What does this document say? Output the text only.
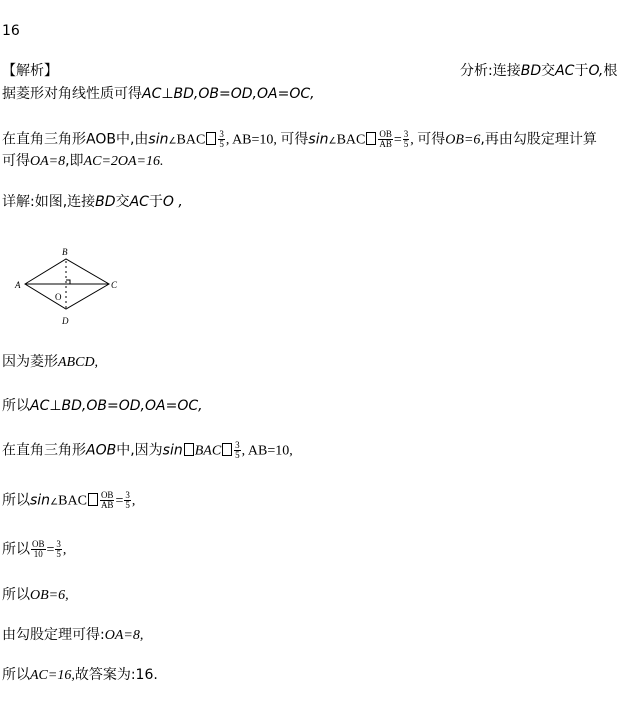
16
【解析】	分析:连接BD交AC于O,根
据菱形对角线性质可得AC⊥BD,OB=OD,OA=OC,
在直角三角形AOB中,由sin∠BAC $\frac{3}{5}$ , AB=10, 可得sin∠BAC $\frac{OB}{AB} = \frac{3}{5}$ , 可得OB=6,再由勾股定理计算
可得OA=8,即AC=2OA=16.
详解:如图,连接BD交AC于O ,
A
B
C
D
O
因为菱形ABCD,
所以AC⊥BD,OB=OD,OA=OC,
在直角三角形AOB中,因为sin BAC $\frac{3}{5}$ , AB=10,
所以sin∠BAC $\frac{OB}{AB} = \frac{3}{5}$ ,
所以 $\frac{OB}{10} = \frac{3}{5}$ ,
所以OB=6,
由勾股定理可得:OA=8,
所以AC=16,故答案为:16.
